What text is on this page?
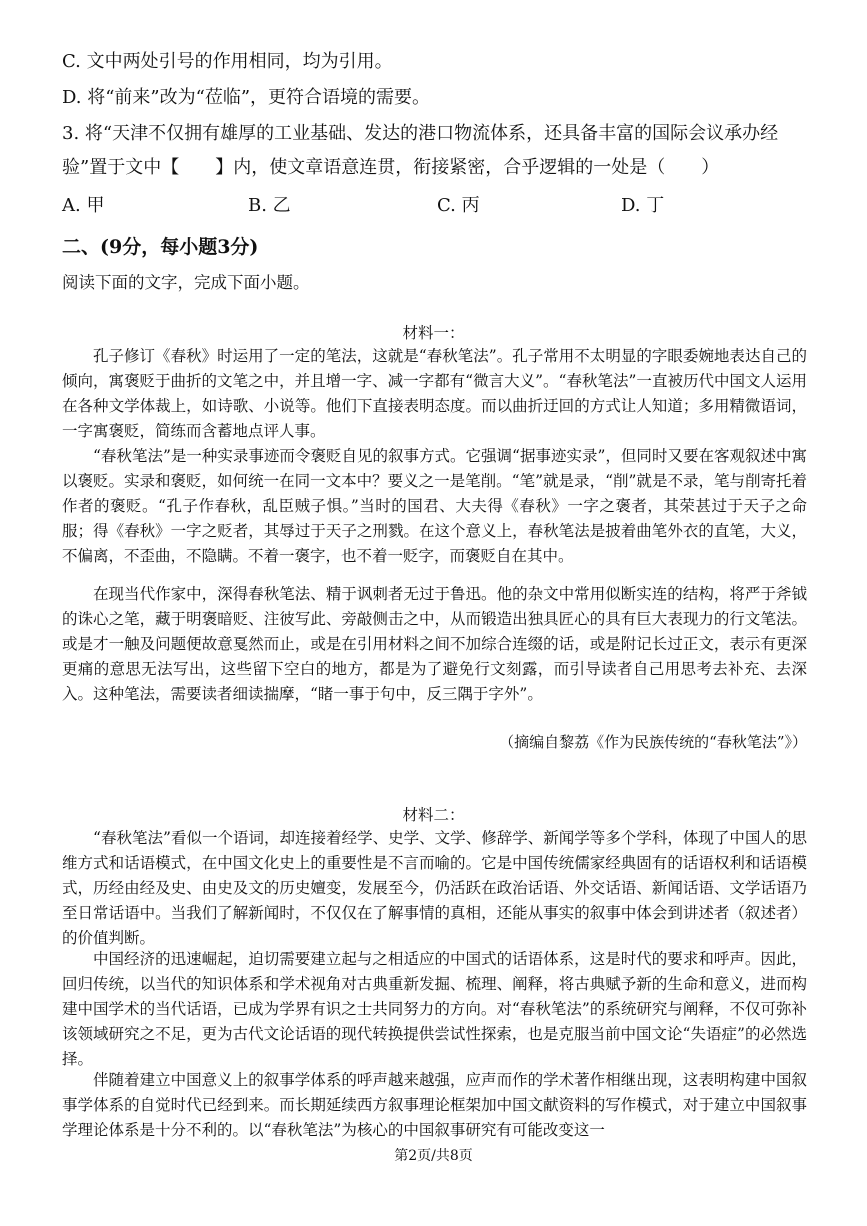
C. 文中两处引号的作用相同，均为引用。
D. 将“前来”改为“莅临”，更符合语境的需要。
3. 将“天津不仅拥有雄厚的工业基础、发达的港口物流体系，还具备丰富的国际会议承办经
验”置于文中【　　】内，使文章语意连贯，衔接紧密，合乎逻辑的一处是（　　）
A. 甲	B. 乙	C. 丙	D. 丁
二、(9分，每小题3分)
阅读下面的文字，完成下面小题。
材料一：
孔子修订《春秋》时运用了一定的笔法，这就是“春秋笔法”。孔子常用不太明显的字眼委婉地表达自己的倾向，寓褒贬于曲折的文笔之中，并且增一字、减一字都有“微言大义”。“春秋笔法”一直被历代中国文人运用在各种文学体裁上，如诗歌、小说等。他们下直接表明态度。而以曲折迂回的方式让人知道；多用精微语词，一字寓褒贬，简练而含蓄地点评人事。
“春秋笔法”是一种实录事迹而令褒贬自见的叙事方式。它强调“据事迹实录”，但同时又要在客观叙述中寓以褒贬。实录和褒贬，如何统一在同一文本中？要义之一是笔削。“笔”就是录，“削”就是不录，笔与削寄托着作者的褒贬。“孔子作春秋，乱臣贼子惧。”当时的国君、大夫得《春秋》一字之褒者，其荣甚过于天子之命服；得《春秋》一字之贬者，其辱过于天子之刑戮。在这个意义上，春秋笔法是披着曲笔外衣的直笔，大义，不偏离，不歪曲，不隐瞒。不着一褒字，也不着一贬字，而褒贬自在其中。
在现当代作家中，深得春秋笔法、精于讽刺者无过于鲁迅。他的杂文中常用似断实连的结构，将严于斧钺的诛心之笔，藏于明褒暗贬、注彼写此、旁敲侧击之中，从而锻造出独具匠心的具有巨大表现力的行文笔法。或是才一触及问题便故意戛然而止，或是在引用材料之间不加综合连缀的话，或是附记长过正文，表示有更深更痛的意思无法写出，这些留下空白的地方，都是为了避免行文刻露，而引导读者自己用思考去补充、去深入。这种笔法，需要读者细读揣摩，“睹一事于句中，反三隅于字外”。
（摘编自黎荔《作为民族传统的“春秋笔法”》）
材料二：
“春秋笔法”看似一个语词，却连接着经学、史学、文学、修辞学、新闻学等多个学科，体现了中国人的思维方式和话语模式，在中国文化史上的重要性是不言而喻的。它是中国传统儒家经典固有的话语权利和话语模式，历经由经及史、由史及文的历史嬗变，发展至今，仍活跃在政治话语、外交话语、新闻话语、文学话语乃至日常话语中。当我们了解新闻时，不仅仅在了解事情的真相，还能从事实的叙事中体会到讲述者（叙述者）的价值判断。
中国经济的迅速崛起，迫切需要建立起与之相适应的中国式的话语体系，这是时代的要求和呼声。因此，回归传统，以当代的知识体系和学术视角对古典重新发掘、梳理、阐释，将古典赋予新的生命和意义，进而构建中国学术的当代话语，已成为学界有识之士共同努力的方向。对“春秋笔法”的系统研究与阐释，不仅可弥补该领域研究之不足，更为古代文论话语的现代转换提供尝试性探索，也是克服当前中国文论“失语症”的必然选择。
伴随着建立中国意义上的叙事学体系的呼声越来越强，应声而作的学术著作相继出现，这表明构建中国叙事学体系的自觉时代已经到来。而长期延续西方叙事理论框架加中国文献资料的写作模式，对于建立中国叙事学理论体系是十分不利的。以“春秋笔法”为核心的中国叙事研究有可能改变这一
第2页/共8页
